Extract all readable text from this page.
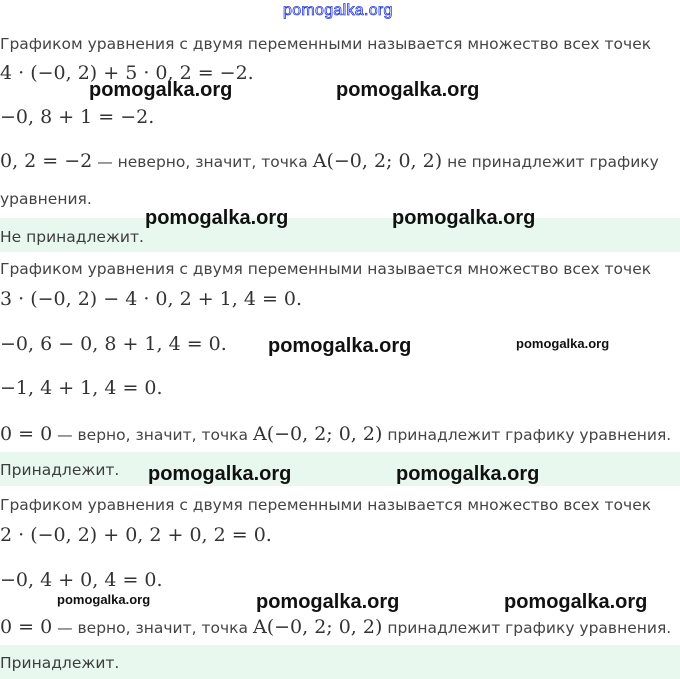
pomogalka.org
Графиком уравнения с двумя переменными называется множество всех точек
4 · (−0, 2) + 5 · 0, 2 = −2.
−0, 8 + 1 = −2.
0, 2 = −2 — неверно, значит, точка A(−0, 2; 0, 2) не принадлежит графику
уравнения.
Не принадлежит.
Графиком уравнения с двумя переменными называется множество всех точек
3 · (−0, 2) − 4 · 0, 2 + 1, 4 = 0.
−0, 6 − 0, 8 + 1, 4 = 0.
−1, 4 + 1, 4 = 0.
0 = 0 — верно, значит, точка A(−0, 2; 0, 2) принадлежит графику уравнения.
Принадлежит.
Графиком уравнения с двумя переменными называется множество всех точек
2 · (−0, 2) + 0, 2 + 0, 2 = 0.
−0, 4 + 0, 4 = 0.
0 = 0 — верно, значит, точка A(−0, 2; 0, 2) принадлежит графику уравнения.
Принадлежит.
pomogalka.org	pomogalka.org
pomogalka.org	pomogalka.org
pomogalka.org	pomogalka.org
pomogalka.org	pomogalka.org
pomogalka.org	pomogalka.org	pomogalka.org
